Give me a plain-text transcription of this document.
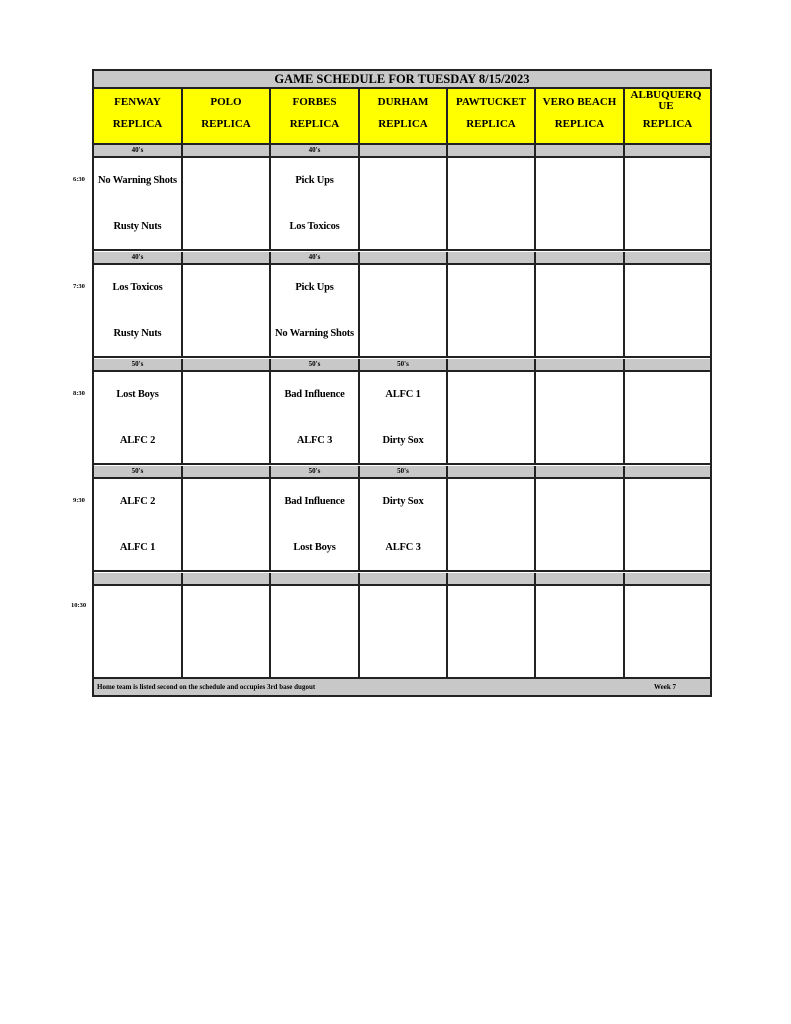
GAME SCHEDULE FOR TUESDAY 8/15/2023
FENWAY
REPLICA
POLO
REPLICA
FORBES
REPLICA
DURHAM
REPLICA
PAWTUCKET
REPLICA
VERO BEACH
REPLICA
ALBUQUERQUE
REPLICA
40's
No Warning Shots
Rusty Nuts
40's
Pick Ups
Los Toxicos
40's
Los Toxicos
Rusty Nuts
40's
Pick Ups
No Warning Shots
50's
Lost Boys
ALFC 2
50's
Bad Influence
ALFC 3
50's
ALFC 1
Dirty Sox
50's
ALFC 2
ALFC 1
50's
Bad Influence
Lost Boys
50's
Dirty Sox
ALFC 3
Home team is listed second on the schedule and occupies 3rd base dugout	Week 7
6:30
7:30
8:30
9:30
10:30
